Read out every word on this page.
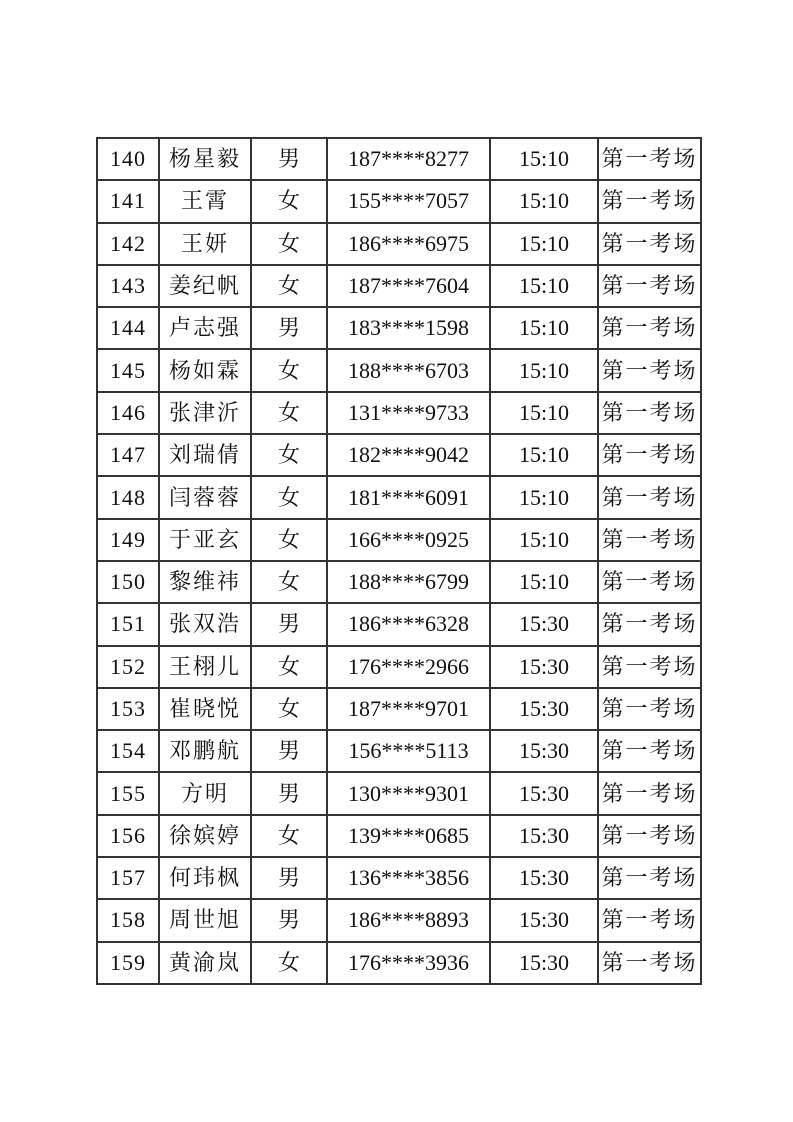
140	杨星毅	男	187****8277	15:10	第一考场
141	王霄	女	155****7057	15:10	第一考场
142	王妍	女	186****6975	15:10	第一考场
143	姜纪帆	女	187****7604	15:10	第一考场
144	卢志强	男	183****1598	15:10	第一考场
145	杨如霖	女	188****6703	15:10	第一考场
146	张津沂	女	131****9733	15:10	第一考场
147	刘瑞倩	女	182****9042	15:10	第一考场
148	闫蓉蓉	女	181****6091	15:10	第一考场
149	于亚玄	女	166****0925	15:10	第一考场
150	黎维祎	女	188****6799	15:10	第一考场
151	张双浩	男	186****6328	15:30	第一考场
152	王栩儿	女	176****2966	15:30	第一考场
153	崔晓悦	女	187****9701	15:30	第一考场
154	邓鹏航	男	156****5113	15:30	第一考场
155	方明	男	130****9301	15:30	第一考场
156	徐嫔婷	女	139****0685	15:30	第一考场
157	何玮枫	男	136****3856	15:30	第一考场
158	周世旭	男	186****8893	15:30	第一考场
159	黄渝岚	女	176****3936	15:30	第一考场
